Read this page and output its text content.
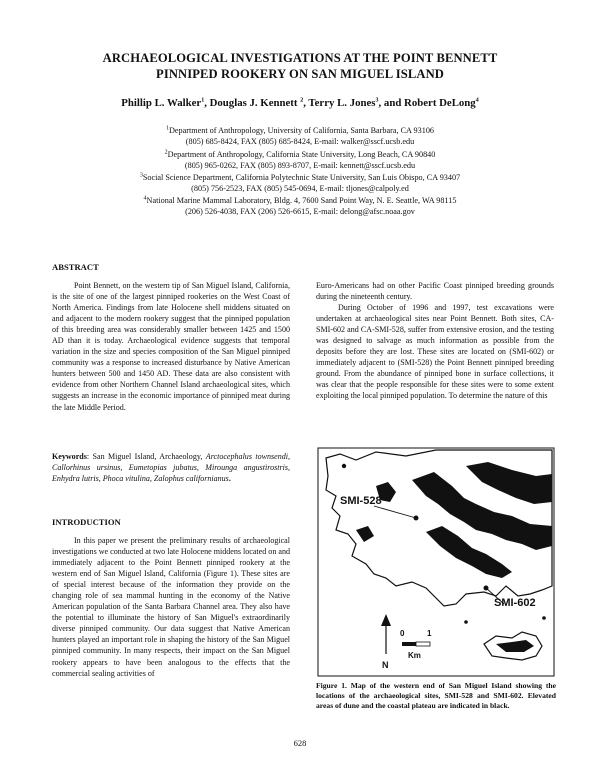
ARCHAEOLOGICAL INVESTIGATIONS AT THE POINT BENNETT
PINNIPED ROOKERY ON SAN MIGUEL ISLAND
Phillip L. Walker$^1$, Douglas J. Kennett $^2$, Terry L. Jones$^3$, and Robert DeLong$^4$
$^1$Department of Anthropology, University of California, Santa Barbara, CA 93106
(805) 685-8424, FAX (805) 685-8424, E-mail: walker@sscf.ucsb.edu
$^2$Department of Anthropology, California State University, Long Beach, CA 90840
(805) 965-0262, FAX (805) 893-8707, E-mail: kennett@sscf.ucsb.edu
$^3$Social Science Department, California Polytechnic State University, San Luis Obispo, CA 93407
(805) 756-2523, FAX (805) 545-0694, E-mail: tljones@calpoly.ed
$^4$National Marine Mammal Laboratory, Bldg. 4, 7600 Sand Point Way, N. E. Seattle, WA 98115
(206) 526-4038, FAX (206) 526-6615, E-mail: delong@afsc.noaa.gov
ABSTRACT
Point Bennett, on the western tip of San Miguel Island, California, is the site of one of the largest pinniped rookeries on the West Coast of North America. Findings from late Holocene shell middens situated on and adjacent to the modern rookery suggest that the pinniped population of this breeding area was considerably smaller between 1425 and 1500 AD than it is today. Archaeological evidence suggests that temporal variation in the size and species composition of the San Miguel pinniped community was a response to increased disturbance by Native American hunters between 500 and 1450 AD. These data are also consistent with evidence from other Northern Channel Island archaeological sites, which suggests an increase in the economic importance of pinniped meat during the late Middle Period.
Keywords: San Miguel Island, Archaeology, Arctocephalus townsendi, Callorhinus ursinus, Eumetopias jubatus, Mirounga angustirostris, Enhydra lutris, Phoca vitulina, Zalophus californianus.
INTRODUCTION
In this paper we present the preliminary results of archaeological investigations we conducted at two late Holocene middens located on and immediately adjacent to the Point Bennett pinniped rookery at the western end of San Miguel Island, California (Figure 1). These sites are of special interest because of the information they provide on the changing role of sea mammal hunting in the economy of the Native American population of the Santa Barbara Channel area. They also have the potential to illuminate the history of San Miguel's extraordinarily diverse pinniped community. Our data suggest that Native American hunters played an important role in shaping the history of the San Miguel pinniped community. In many respects, their impact on the San Miguel rookery appears to have been analogous to the effects that the commercial sealing activities of
Euro-Americans had on other Pacific Coast pinniped breeding grounds during the nineteenth century.
During October of 1996 and 1997, test excavations were undertaken at archaeological sites near Point Bennett. Both sites, CA-SMI-602 and CA-SMI-528, suffer from extensive erosion, and the testing was designed to salvage as much information as possible from the deposits before they are lost. These sites are located on (SMI-602) or immediately adjacent to (SMI-528) the Point Bennett pinniped breeding ground. From the abundance of pinniped bone in surface collections, it was clear that the people responsible for these sites were to some extent exploiting the local pinniped population. To determine the nature of this
SMI-528
SMI-602
N
0	1
Km
Figure 1. Map of the western end of San Miguel Island showing the locations of the archaeological sites, SMI-528 and SMI-602. Elevated areas of dune and the coastal plateau are indicated in black.
628
